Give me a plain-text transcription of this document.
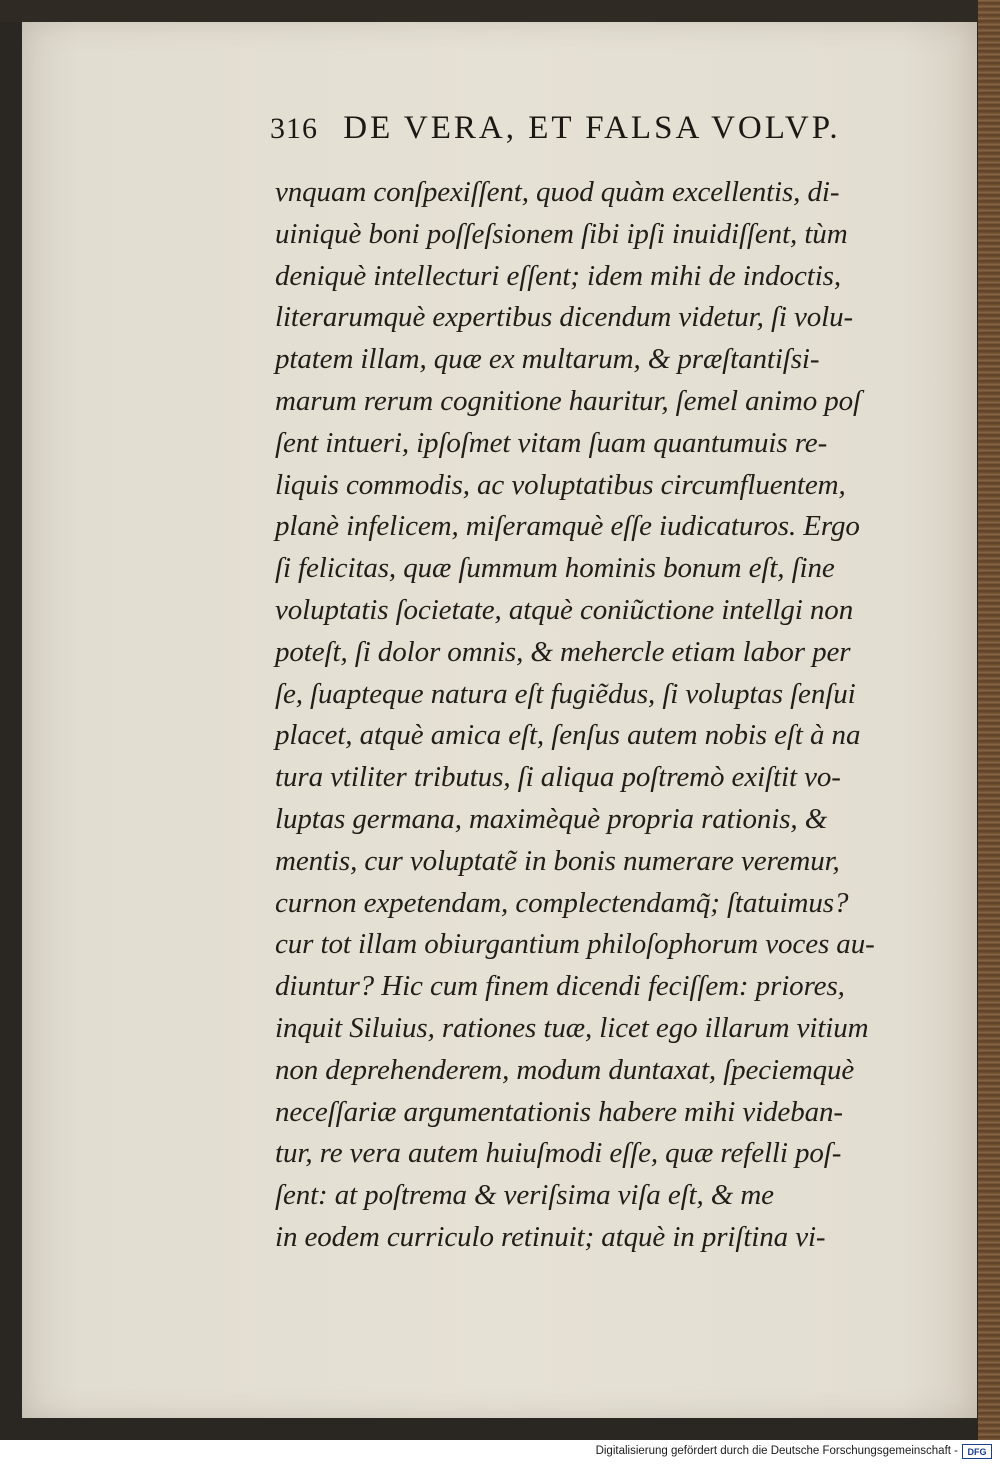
316 DE VERA, ET FALSA VOLVP.
vnquam conſpexiſſent, quod quàm excellentis, di-
uiniquè boni poſſeſsionem ſibi ipſi inuidiſſent, tùm
deniquè intellecturi eſſent; idem mihi de indoctis,
literarumquè expertibus dicendum videtur, ſi volu-
ptatem illam, quæ ex multarum, & præſtantiſsi-
marum rerum cognitione hauritur, ſemel animo poſ
ſent intueri, ipſoſmet vitam ſuam quantumuis re-
liquis commodis, ac voluptatibus circumfluentem,
planè infelicem, miſeramquè eſſe iudicaturos. Ergo
ſi felicitas, quæ ſummum hominis bonum eſt, ſine
voluptatis ſocietate, atquè coniũctione intellgi non
poteſt, ſi dolor omnis, & mehercle etiam labor per
ſe, ſuapteque natura eſt fugiẽdus, ſi voluptas ſenſui
placet, atquè amica eſt, ſenſus autem nobis eſt à na
tura vtiliter tributus, ſi aliqua poſtremò exiſtit vo-
luptas germana, maximèquè propria rationis, &
mentis, cur voluptatẽ in bonis numerare veremur,
curnon expetendam, complectendamq̃; ſtatuimus?
cur tot illam obiurgantium philoſophorum voces au-
diuntur? Hic cum finem dicendi feciſſem: priores,
inquit Siluius, rationes tuæ, licet ego illarum vitium
non deprehenderem, modum duntaxat, ſpeciemquè
neceſſariæ argumentationis habere mihi videban-
tur, re vera autem huiuſmodi eſſe, quæ refelli poſ-
ſent: at poſtrema & veriſsima viſa eſt, & me
in eodem curriculo retinuit; atquè in priſtina vi-
Digitalisierung gefördert durch die Deutsche Forschungsgemeinschaft -	DFG
